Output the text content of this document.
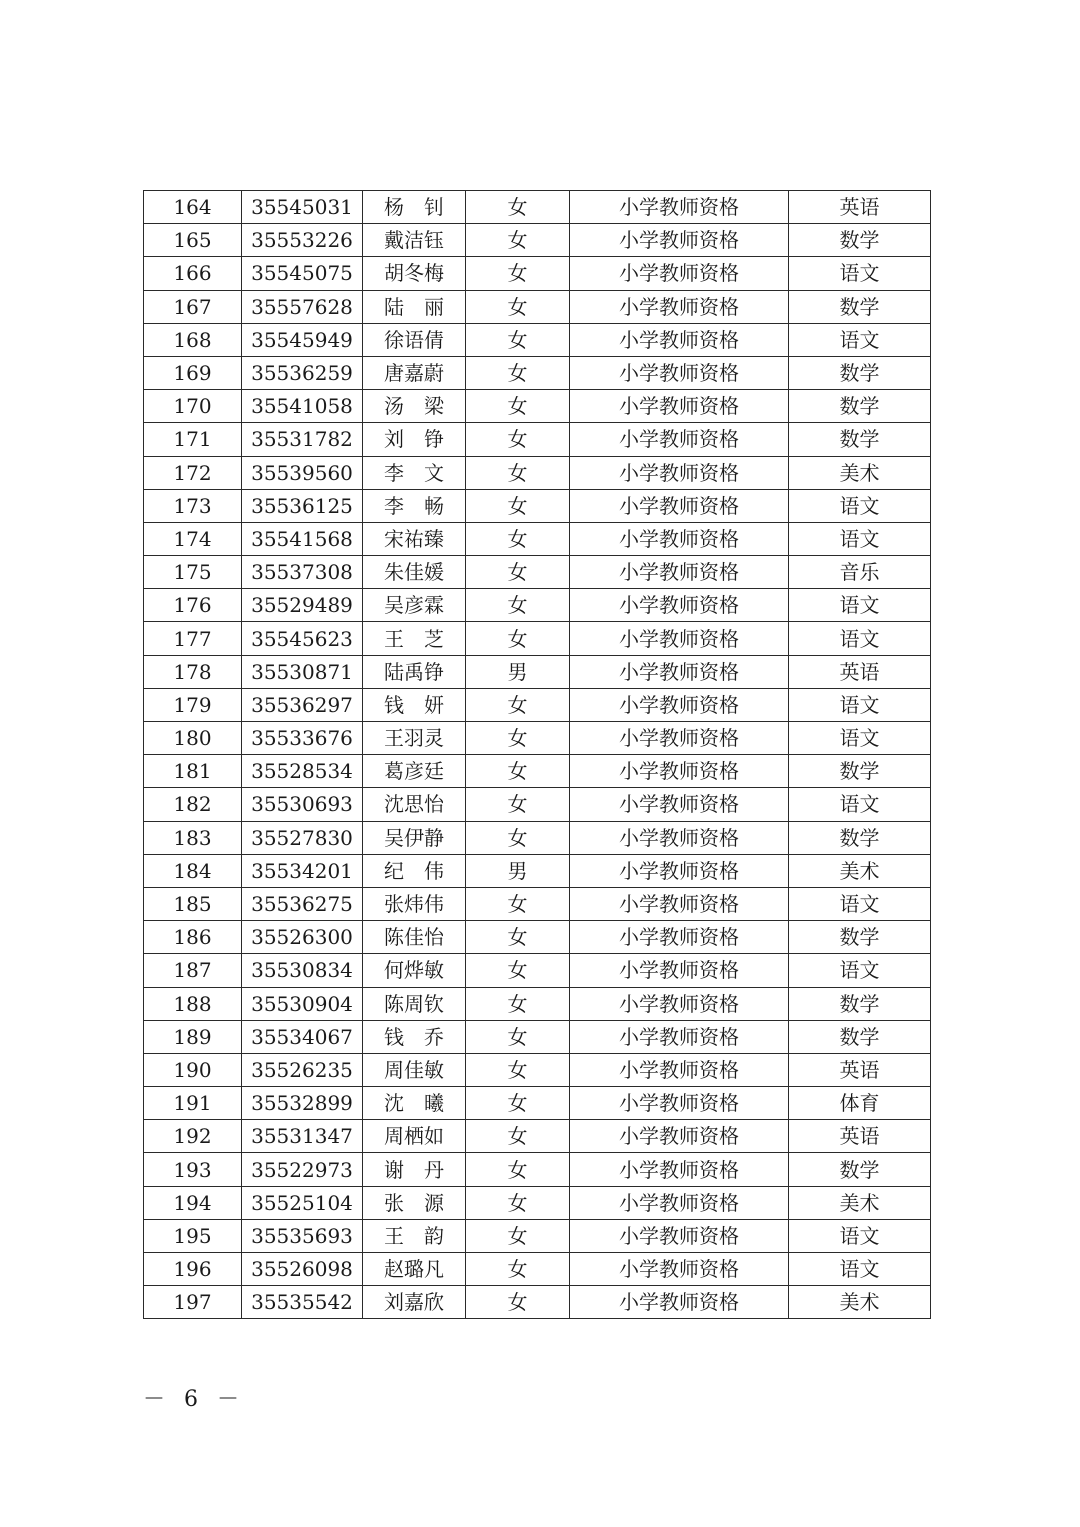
164	35545031	杨　钊	女	小学教师资格	英语
165	35553226	戴洁钰	女	小学教师资格	数学
166	35545075	胡冬梅	女	小学教师资格	语文
167	35557628	陆　丽	女	小学教师资格	数学
168	35545949	徐语倩	女	小学教师资格	语文
169	35536259	唐嘉蔚	女	小学教师资格	数学
170	35541058	汤　梁	女	小学教师资格	数学
171	35531782	刘　铮	女	小学教师资格	数学
172	35539560	李　文	女	小学教师资格	美术
173	35536125	李　畅	女	小学教师资格	语文
174	35541568	宋祐臻	女	小学教师资格	语文
175	35537308	朱佳媛	女	小学教师资格	音乐
176	35529489	吴彦霖	女	小学教师资格	语文
177	35545623	王　芝	女	小学教师资格	语文
178	35530871	陆禹铮	男	小学教师资格	英语
179	35536297	钱　妍	女	小学教师资格	语文
180	35533676	王羽灵	女	小学教师资格	语文
181	35528534	葛彦廷	女	小学教师资格	数学
182	35530693	沈思怡	女	小学教师资格	语文
183	35527830	吴伊静	女	小学教师资格	数学
184	35534201	纪　伟	男	小学教师资格	美术
185	35536275	张炜伟	女	小学教师资格	语文
186	35526300	陈佳怡	女	小学教师资格	数学
187	35530834	何烨敏	女	小学教师资格	语文
188	35530904	陈周钦	女	小学教师资格	数学
189	35534067	钱　乔	女	小学教师资格	数学
190	35526235	周佳敏	女	小学教师资格	英语
191	35532899	沈　曦	女	小学教师资格	体育
192	35531347	周栖如	女	小学教师资格	英语
193	35522973	谢　丹	女	小学教师资格	数学
194	35525104	张　源	女	小学教师资格	美术
195	35535693	王　韵	女	小学教师资格	语文
196	35526098	赵璐凡	女	小学教师资格	语文
197	35535542	刘嘉欣	女	小学教师资格	美术
－ 6 －
